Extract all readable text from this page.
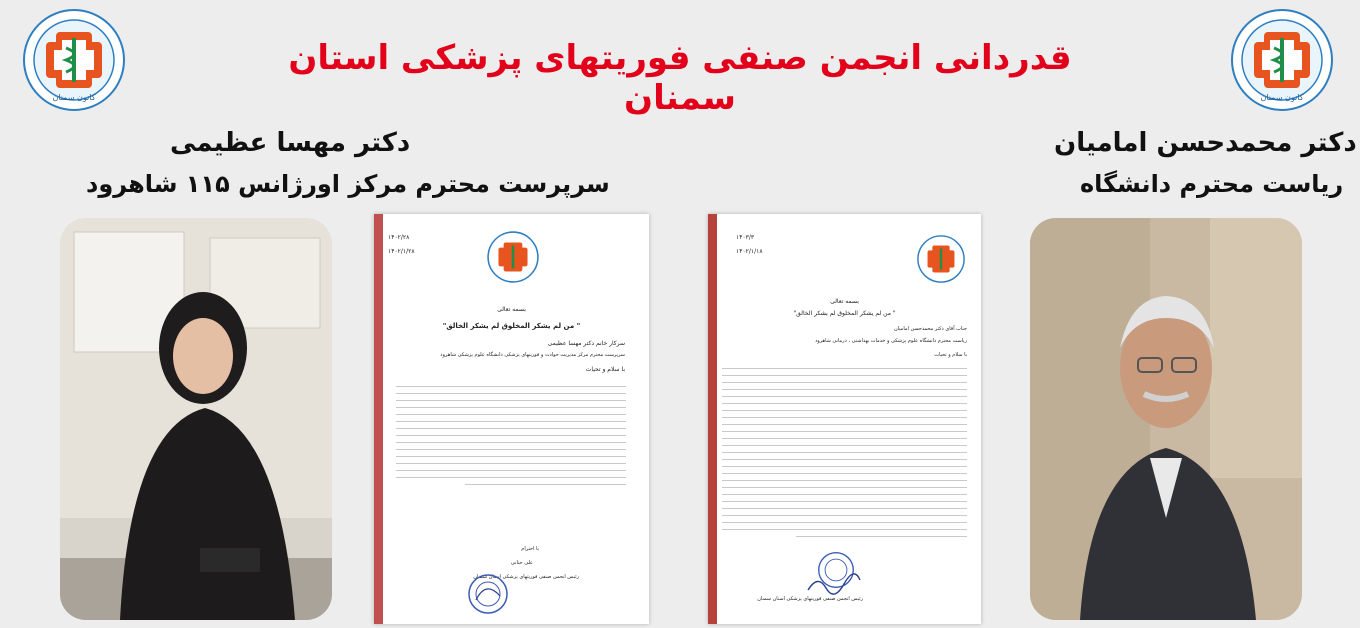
کانون سمنان	کانون سمنان
قدردانی انجمن صنفی فوریتهای پزشکی استان سمنان
دکتر مهسا عظیمی
سرپرست محترم مرکز اورژانس ۱۱۵ شاهرود
دکتر محمدحسن امامیان
ریاست محترم دانشگاه
۱۴۰۲/۲۸
۱۴۰۲/۱/۲۸
بسمه تعالی
" من لم یشکر المخلوق لم یشکر الخالق"
سرکار خانم دکتر مهسا عظیمی
سرپرست محترم مرکز مدیریت حوادث و فوریتهای پزشکی دانشگاه علوم پزشکی شاهرود
با سلام و تحیات
با احترام
علی جنانی
رئیس انجمن صنفی فوریتهای پزشکی استان سمنان
۱۴۰۳/۳
۱۴۰۲/۱/۱۸
بسمه تعالی
" من لم یشکر المخلوق لم یشکر الخالق"
جناب آقای دکتر محمدحسن امامیان
ریاست محترم دانشگاه علوم پزشکی و خدمات بهداشتی ، درمانی شاهرود
با سلام و تحیات
رئیس انجمن صنفی فوریتهای پزشکی استان سمنان
